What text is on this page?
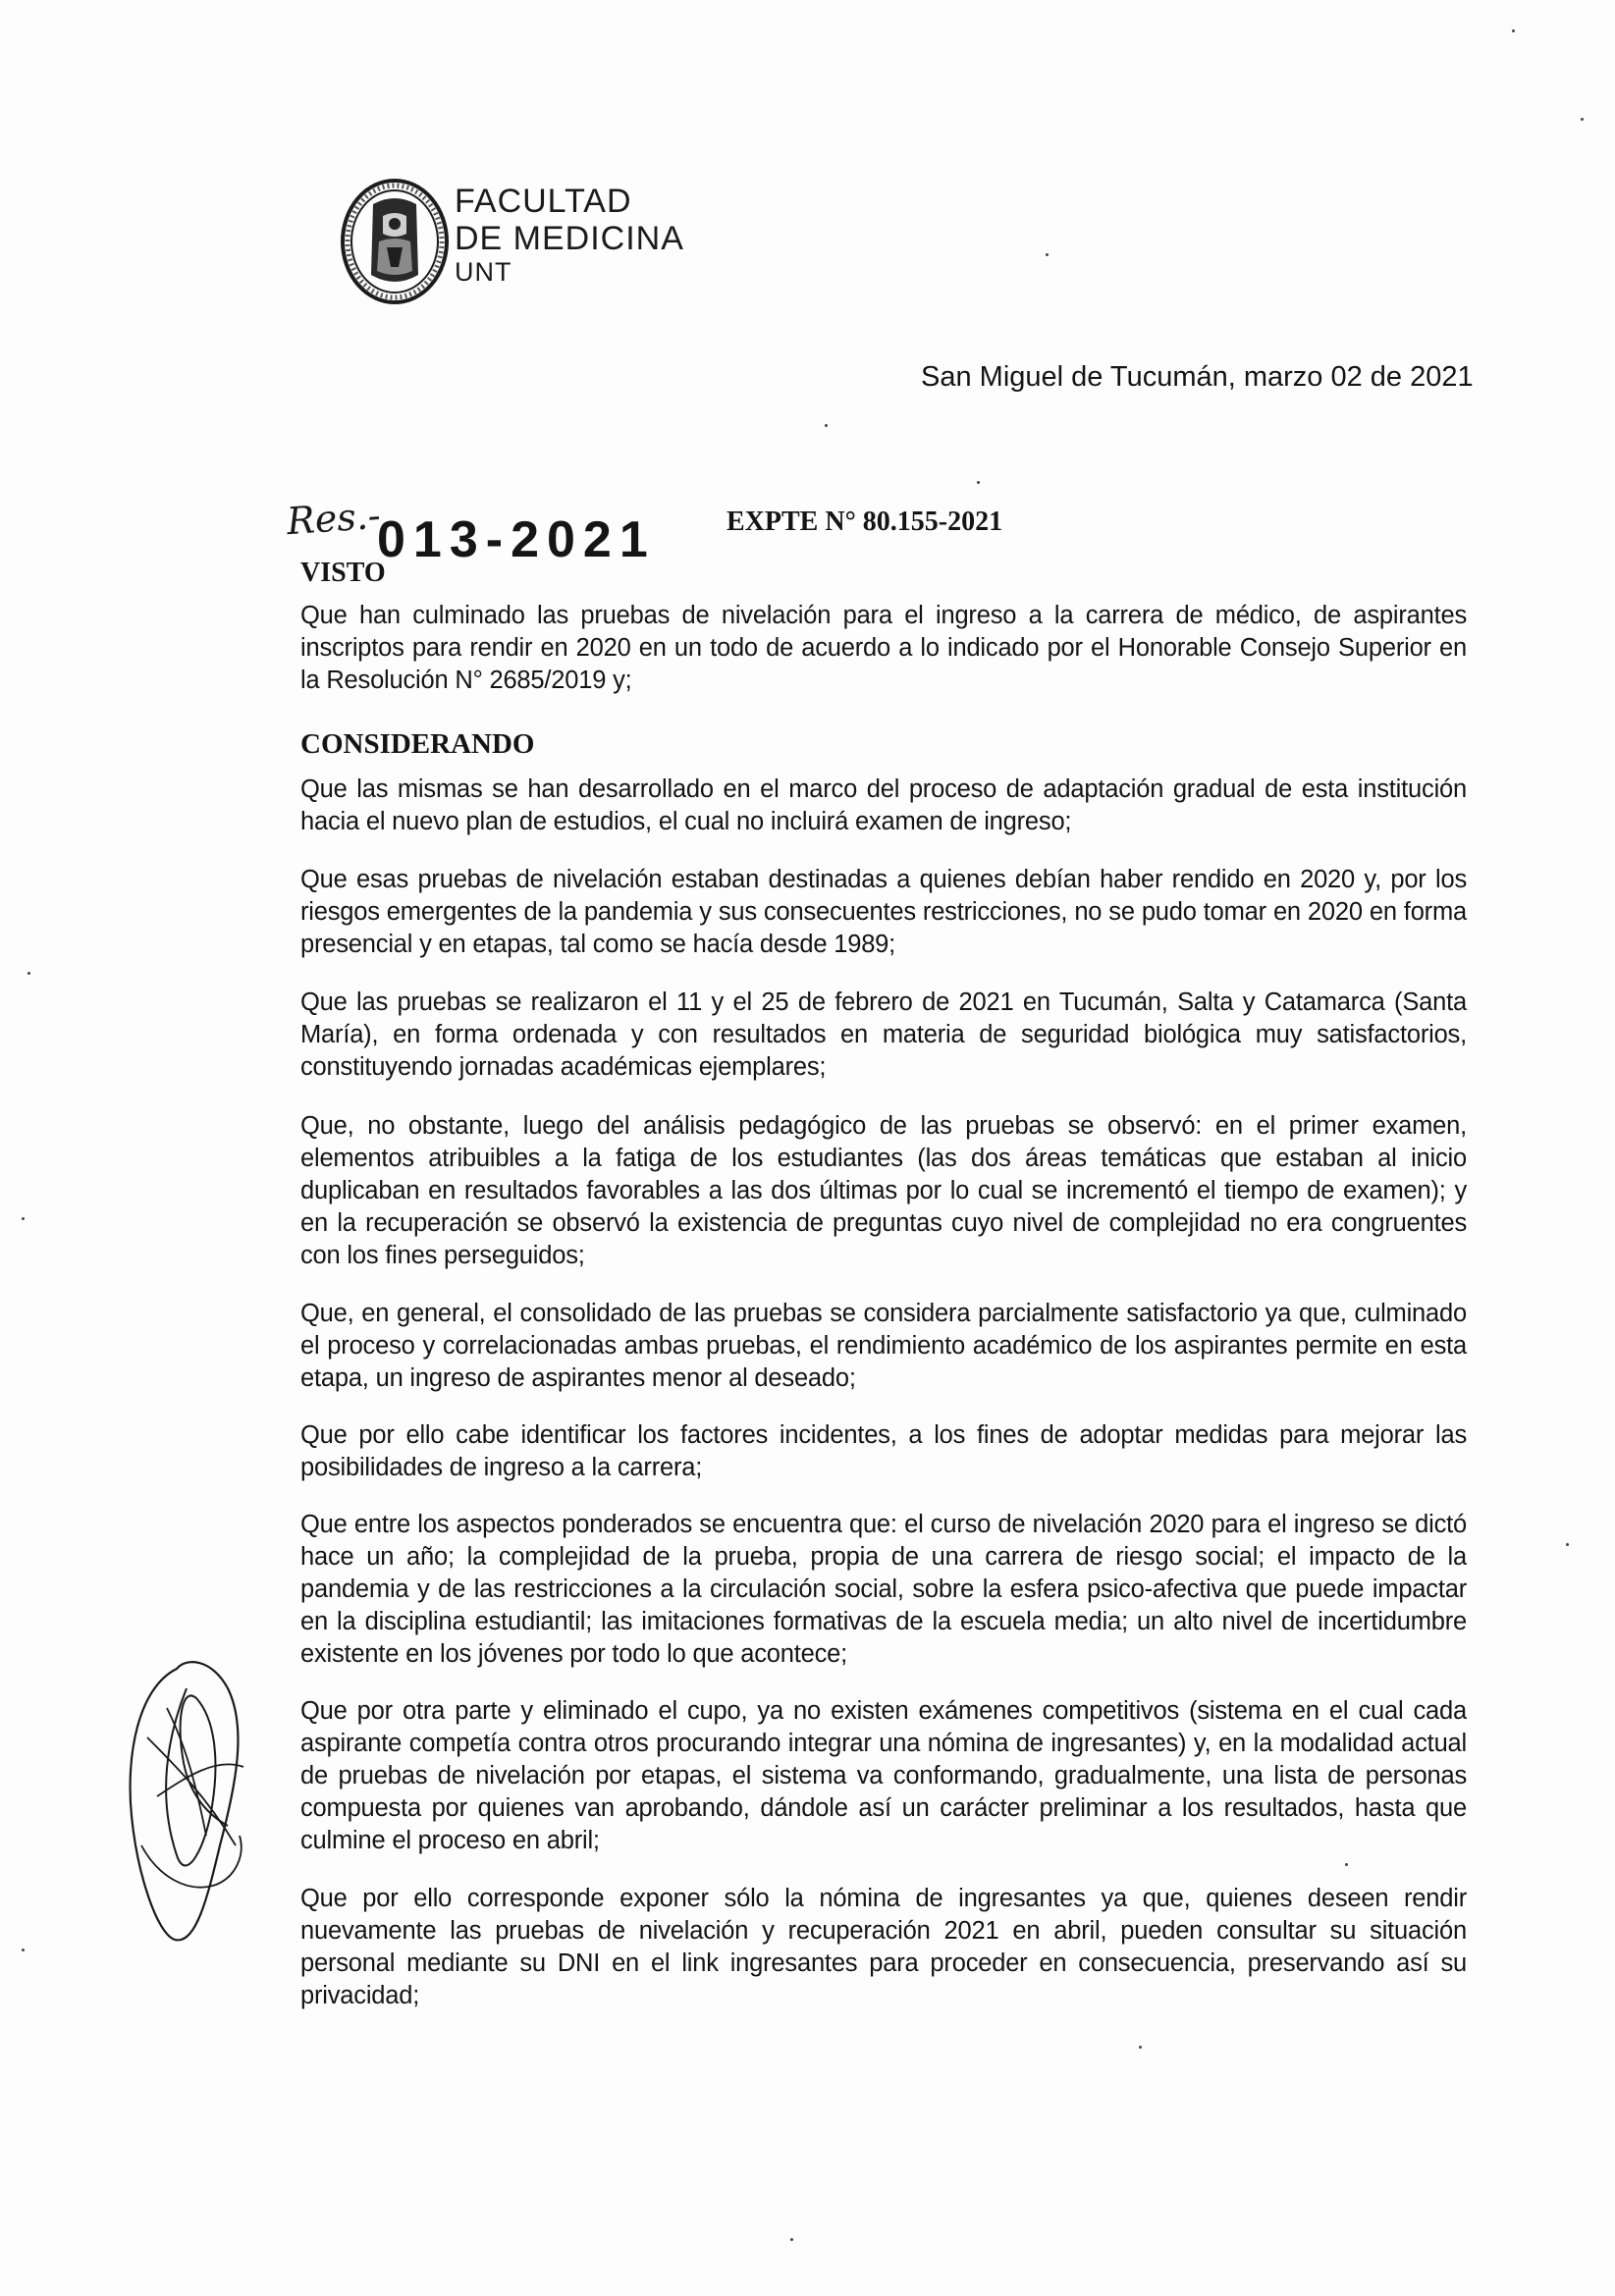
FACULTAD
DE MEDICINA
UNT
San Miguel de Tucumán, marzo 02 de 2021
Res.-
013-2021	EXPTE N° 80.155-2021
VISTO
Que han culminado las pruebas de nivelación para el ingreso a la carrera de médico, de aspirantes inscriptos para rendir en 2020 en un todo de acuerdo a lo indicado por el Honorable Consejo Superior en la Resolución N° 2685/2019 y;
CONSIDERANDO
Que las mismas se han desarrollado en el marco del proceso de adaptación gradual de esta institución hacia el nuevo plan de estudios, el cual no incluirá examen de ingreso;
Que esas pruebas de nivelación estaban destinadas a quienes debían haber rendido en 2020 y, por los riesgos emergentes de la pandemia y sus consecuentes restricciones, no se pudo tomar en 2020 en forma presencial y en etapas, tal como se hacía desde 1989;
Que las pruebas se realizaron el 11 y el 25 de febrero de 2021 en Tucumán, Salta y Catamarca (Santa María), en forma ordenada y con resultados en materia de seguridad biológica muy satisfactorios, constituyendo jornadas académicas ejemplares;
Que, no obstante, luego del análisis pedagógico de las pruebas se observó: en el primer examen, elementos atribuibles a la fatiga de los estudiantes (las dos áreas temáticas que estaban al inicio duplicaban en resultados favorables a las dos últimas por lo cual se incrementó el tiempo de examen); y en la recuperación se observó la existencia de preguntas cuyo nivel de complejidad no era congruentes con los fines perseguidos;
Que, en general, el consolidado de las pruebas se considera parcialmente satisfactorio ya que, culminado el proceso y correlacionadas ambas pruebas, el rendimiento académico de los aspirantes permite en esta etapa, un ingreso de aspirantes menor al deseado;
Que por ello cabe identificar los factores incidentes, a los fines de adoptar medidas para mejorar las posibilidades de ingreso a la carrera;
Que entre los aspectos ponderados se encuentra que: el curso de nivelación 2020 para el ingreso se dictó hace un año; la complejidad de la prueba, propia de una carrera de riesgo social; el impacto de la pandemia y de las restricciones a la circulación social, sobre la esfera psico-afectiva que puede impactar en la disciplina estudiantil; las imitaciones formativas de la escuela media; un alto nivel de incertidumbre existente en los jóvenes por todo lo que acontece;
Que por otra parte y eliminado el cupo, ya no existen exámenes competitivos (sistema en el cual cada aspirante competía contra otros procurando integrar una nómina de ingresantes) y, en la modalidad actual de pruebas de nivelación por etapas, el sistema va conformando, gradualmente, una lista de personas compuesta por quienes van aprobando, dándole así un carácter preliminar a los resultados, hasta que culmine el proceso en abril;
Que por ello corresponde exponer sólo la nómina de ingresantes ya que, quienes deseen rendir nuevamente las pruebas de nivelación y recuperación 2021 en abril, pueden consultar su situación personal mediante su DNI en el link ingresantes para proceder en consecuencia, preservando así su privacidad;
